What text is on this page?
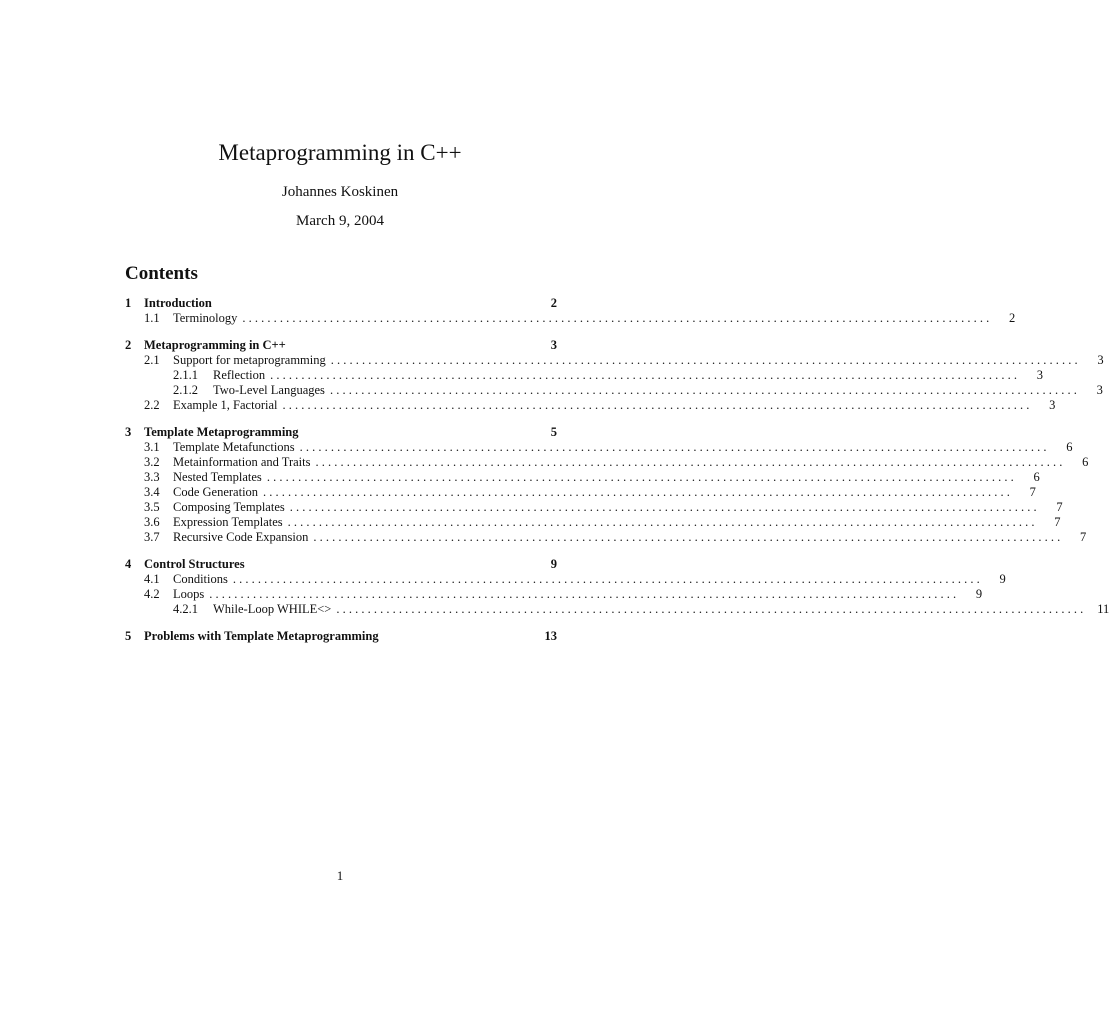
Metaprogramming in C++
Johannes Koskinen
March 9, 2004
Contents
1	Introduction	2
1.1	Terminology . . . . . . . . . . . . . . . . . . . . . . . . . . . . . . . . . . . . . . . . . . . . . . . . . . . . . . . . . . . . . . . . . . . . . . . . . . . . . . . . . . . . . . . . . . . . . . . . . . . . . . . . . . . . . . . . . . . . . . . .	2
2	Metaprogramming in C++	3
2.1	Support for metaprogramming . . . . . . . . . . . . . . . . . . . . . . . . . . . . . . . . . . . . . . . . . . . . . . . . . . . . . . . . . . . . . . . . . . . . . . . . . . . . . . . . . . . . . . . . . . . . . . . . . . . . . . . . . . . . . . . . . . . . . . . .	3
2.1.1	Reflection . . . . . . . . . . . . . . . . . . . . . . . . . . . . . . . . . . . . . . . . . . . . . . . . . . . . . . . . . . . . . . . . . . . . . . . . . . . . . . . . . . . . . . . . . . . . . . . . . . . . . . . . . . . . . . . . . . . . . . . .	3
2.1.2	Two-Level Languages . . . . . . . . . . . . . . . . . . . . . . . . . . . . . . . . . . . . . . . . . . . . . . . . . . . . . . . . . . . . . . . . . . . . . . . . . . . . . . . . . . . . . . . . . . . . . . . . . . . . . . . . . . . . . . . . . . . . . . . .	3
2.2	Example 1, Factorial . . . . . . . . . . . . . . . . . . . . . . . . . . . . . . . . . . . . . . . . . . . . . . . . . . . . . . . . . . . . . . . . . . . . . . . . . . . . . . . . . . . . . . . . . . . . . . . . . . . . . . . . . . . . . . . . . . . . . . . .	3
3	Template Metaprogramming	5
3.1	Template Metafunctions . . . . . . . . . . . . . . . . . . . . . . . . . . . . . . . . . . . . . . . . . . . . . . . . . . . . . . . . . . . . . . . . . . . . . . . . . . . . . . . . . . . . . . . . . . . . . . . . . . . . . . . . . . . . . . . . . . . . . . . .	6
3.2	Metainformation and Traits . . . . . . . . . . . . . . . . . . . . . . . . . . . . . . . . . . . . . . . . . . . . . . . . . . . . . . . . . . . . . . . . . . . . . . . . . . . . . . . . . . . . . . . . . . . . . . . . . . . . . . . . . . . . . . . . . . . . . . . .	6
3.3	Nested Templates . . . . . . . . . . . . . . . . . . . . . . . . . . . . . . . . . . . . . . . . . . . . . . . . . . . . . . . . . . . . . . . . . . . . . . . . . . . . . . . . . . . . . . . . . . . . . . . . . . . . . . . . . . . . . . . . . . . . . . . .	6
3.4	Code Generation . . . . . . . . . . . . . . . . . . . . . . . . . . . . . . . . . . . . . . . . . . . . . . . . . . . . . . . . . . . . . . . . . . . . . . . . . . . . . . . . . . . . . . . . . . . . . . . . . . . . . . . . . . . . . . . . . . . . . . . .	7
3.5	Composing Templates . . . . . . . . . . . . . . . . . . . . . . . . . . . . . . . . . . . . . . . . . . . . . . . . . . . . . . . . . . . . . . . . . . . . . . . . . . . . . . . . . . . . . . . . . . . . . . . . . . . . . . . . . . . . . . . . . . . . . . . .	7
3.6	Expression Templates . . . . . . . . . . . . . . . . . . . . . . . . . . . . . . . . . . . . . . . . . . . . . . . . . . . . . . . . . . . . . . . . . . . . . . . . . . . . . . . . . . . . . . . . . . . . . . . . . . . . . . . . . . . . . . . . . . . . . . . .	7
3.7	Recursive Code Expansion . . . . . . . . . . . . . . . . . . . . . . . . . . . . . . . . . . . . . . . . . . . . . . . . . . . . . . . . . . . . . . . . . . . . . . . . . . . . . . . . . . . . . . . . . . . . . . . . . . . . . . . . . . . . . . . . . . . . . . . .	7
4	Control Structures	9
4.1	Conditions . . . . . . . . . . . . . . . . . . . . . . . . . . . . . . . . . . . . . . . . . . . . . . . . . . . . . . . . . . . . . . . . . . . . . . . . . . . . . . . . . . . . . . . . . . . . . . . . . . . . . . . . . . . . . . . . . . . . . . . .	9
4.2	Loops . . . . . . . . . . . . . . . . . . . . . . . . . . . . . . . . . . . . . . . . . . . . . . . . . . . . . . . . . . . . . . . . . . . . . . . . . . . . . . . . . . . . . . . . . . . . . . . . . . . . . . . . . . . . . . . . . . . . . . . .	9
4.2.1	While-Loop WHILE<> . . . . . . . . . . . . . . . . . . . . . . . . . . . . . . . . . . . . . . . . . . . . . . . . . . . . . . . . . . . . . . . . . . . . . . . . . . . . . . . . . . . . . . . . . . . . . . . . . . . . . . . . . . . . . . . . . . . . . . . .	11
5	Problems with Template Metaprogramming	13
1
